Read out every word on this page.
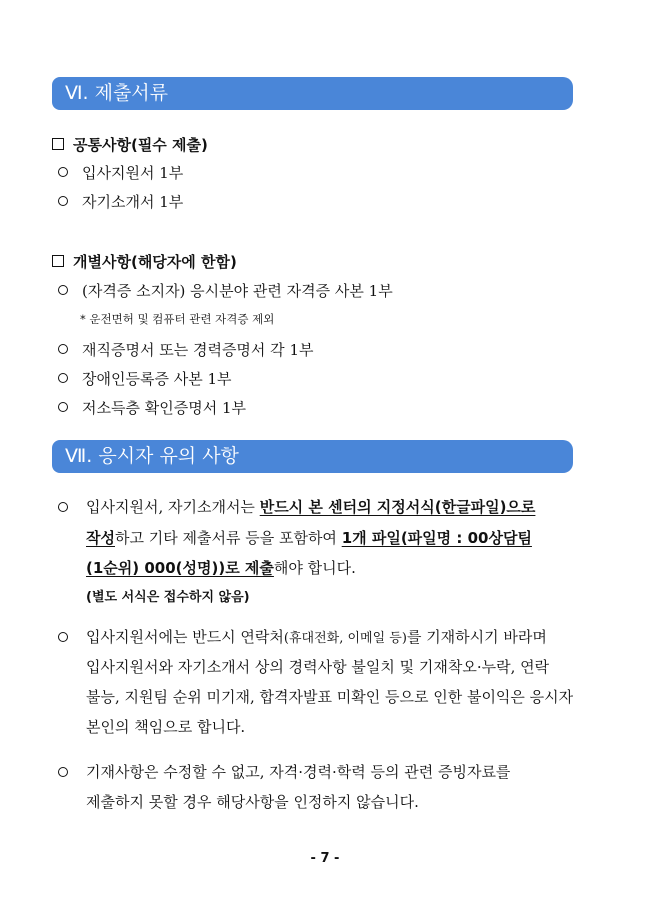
Ⅵ. 제출서류
공통사항(필수 제출)
입사지원서 1부
자기소개서 1부
개별사항(해당자에 한함)
(자격증 소지자) 응시분야 관련 자격증 사본 1부
* 운전면허 및 컴퓨터 관련 자격증 제외
재직증명서 또는 경력증명서 각 1부
장애인등록증 사본 1부
저소득층 확인증명서 1부
Ⅶ. 응시자 유의 사항
입사지원서, 자기소개서는 반드시 본 센터의 지정서식(한글파일)으로
작성하고 기타 제출서류 등을 포함하여 1개 파일(파일명 : 00상담팀
(1순위) 000(성명))로 제출해야 합니다.
(별도 서식은 접수하지 않음)
입사지원서에는 반드시 연락처(휴대전화, 이메일 등)를 기재하시기 바라며
입사지원서와 자기소개서 상의 경력사항 불일치 및 기재착오·누락, 연락
불능, 지원팀 순위 미기재, 합격자발표 미확인 등으로 인한 불이익은 응시자
본인의 책임으로 합니다.
기재사항은 수정할 수 없고, 자격·경력·학력 등의 관련 증빙자료를
제출하지 못할 경우 해당사항을 인정하지 않습니다.
- 7 -
